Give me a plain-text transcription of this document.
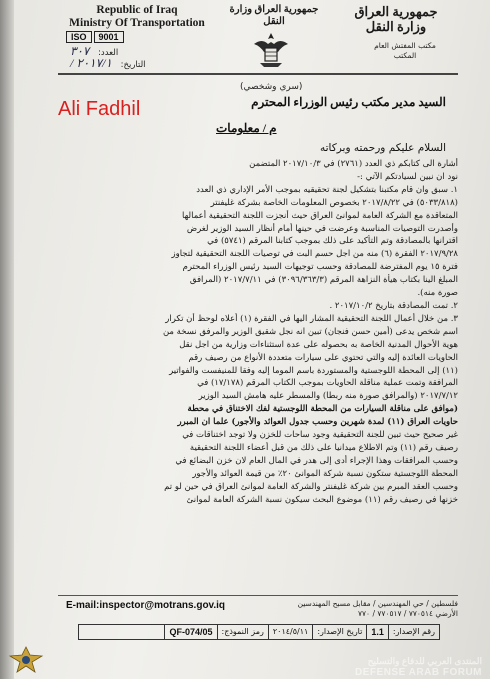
Republic of Iraq
Ministry Of Transportation
ISO	9001
العدد: ٣٠٧
التاريخ: ٢٠١٧/١ /
جمهورية العراق وزارة النقل
جمهورية العراق
وزارة النقل
مكتب المفتش العام
المكتب
(سري وشخصي)
السيد مدير مكتب رئيس الوزراء المحترم
Ali Fadhil
م / معلومات
السلام عليكم ورحمته وبركاته
أشارة الى كتابكم ذي العدد (٢٧٦١) في ٢٠١٧/١٠/٣ المتضمن
نود ان نبين لسيادتكم الآتي :-
١. سبق وان قام مكتبنا بتشكيل لجنة تحقيقيه بموجب الأمر الإداري ذي العدد
(٥٠٣٣/٨١٨) في ٢٠١٧/٨/٢٢ بخصوص المعلومات الخاصة بشركة غليفنتر
المتعاقدة مع الشركة العامة لموانئ العراق حيث أنجزت اللجنة التحقيقية أعمالها
وأصدرت التوصيات المناسبة وعرضت في حينها أمام أنظار السيد الوزير لغرض
اقترانها بالمصادقة وتم التأكيد على ذلك بموجب كتابنا المرقم (٥٧٤١) في
٢٠١٧/٩/٢٨ الفقرة (٦) منه من اجل حسم البت في توصيات اللجنة التحقيقية لتجاوز
فترة ١٥ يوم المفترضة للمصادقة وحسب توجيهات السيد رئيس الوزراء المحترم
المبلغ الينا بكتاب هيأة النزاهة المرقم (٣٠٩٦/٣٦٣/٣) في ٢٠١٧/٧/١١ (المرافق
صورة منه).
٢. تمت المصادقة بتاريخ ٢٠١٧/١٠/٢ .
٣. من خلال أعمال اللجنة التحقيقية المشار اليها في الفقرة (١) أعلاه لوحظ أن تكرار
اسم شخص يدعى (أمين حسن فنجان) تبين انه نجل شقيق الوزير والمرفق نسخة من
هوية الأحوال المدنية الخاصة به بحصوله على عدة استثناءات وزارية من اجل نقل
الحاويات العائدة إليه والتي تحتوي على سيارات متعددة الأنواع من رصيف رقم
(١١) إلى المحطة اللوجستية والمستوردة باسم الموما إليه وفقا للمنيفست والفواتير
المرافقة وتمت عملية مناقلة الحاويات بموجب الكتاب المرقم (١٧/١٧٨) في
٢٠١٧/٧/١٢ (والمرافق صورة منه ربطا) والمسطر عليه هامش السيد الوزير
(موافق على مناقلة السيارات من المحطة اللوجستية لفك الاختناق في محطة
حاويات العراق (١١) لمدة شهرين وحسب جدول العوائد والأجور) علما ان المبرر
غير صحيح حيث تبين للجنة التحقيقية وجود ساحات للخزن ولا توجد اختناقات في
رصيف رقم (١١) وتم الاطلاع ميدانيا على ذلك من قبل أعضاء اللجنة التحقيقية
وحسب المرافقات وهذا الإجراء أدى إلى هدر في المال العام لان خزن البضائع في
المحطة اللوجستية ستكون نسبة شركة الموانئ ٢٠٪ من قيمة العوائد والأجور
وحسب العقد المبرم بين شركة غليفنتر والشركة العامة لموانئ العراق في حين لو تم
خزنها في رصيف رقم (١١) موضوع البحث سيكون نسبة الشركة العامة لموانئ
E-mail:inspector@motrans.gov.iq	فلسطين / حي المهندسين / مقابل مسبح المهندسين
الأرضي ٧٧٠٥١٤ / ٧٧٠٥١٧ / ٧٧٠
رقم الإصدار:
1.1
تاريخ الإصدار:
٢٠١٤/٥/١١
رمز النموذج:
QF-074/05
المنتدى العربي للدفاع والتسليح
DEFENSE ARAB FORUM
